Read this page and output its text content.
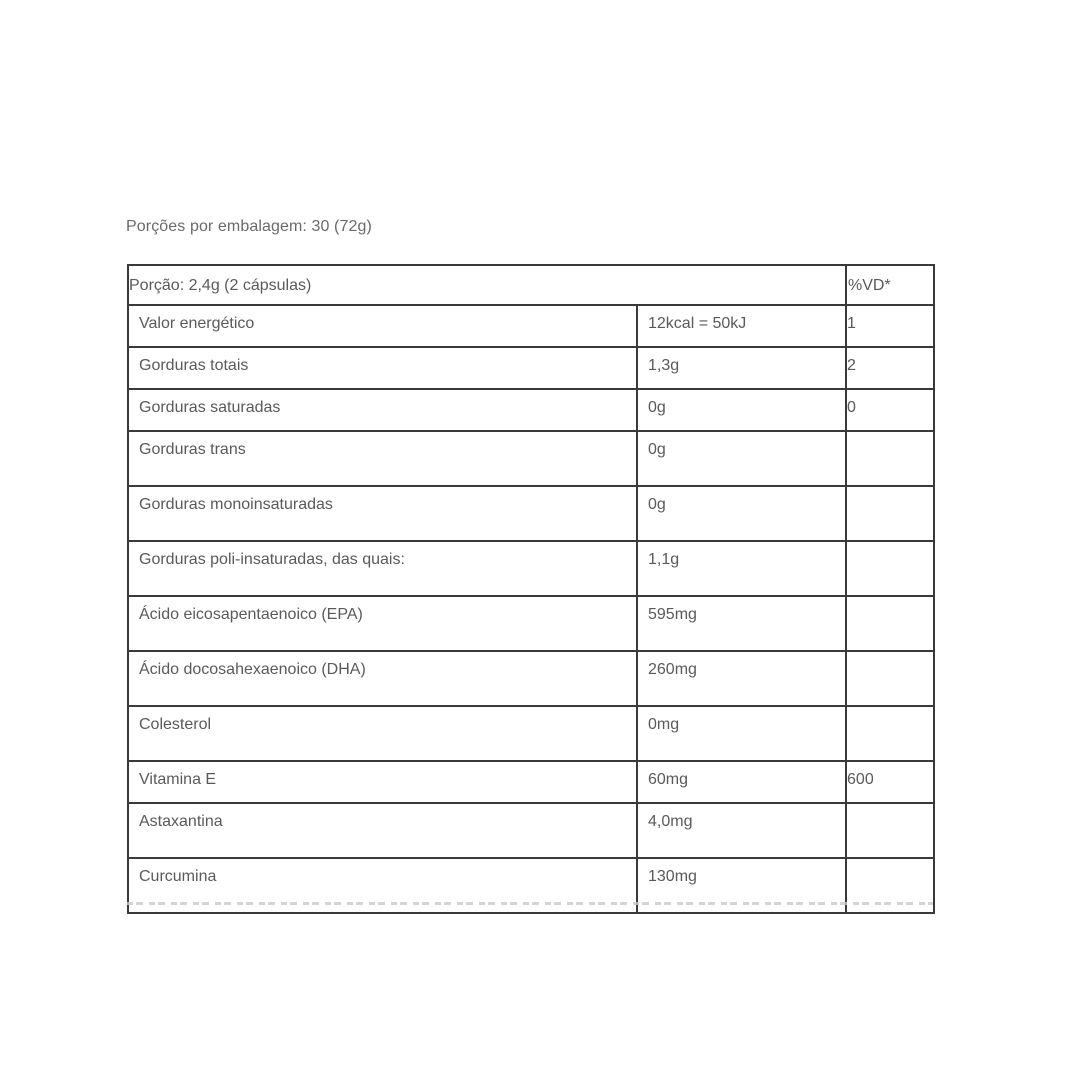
Porções por embalagem: 30 (72g)
Porção: 2,4g (2 cápsulas)		%VD*
Valor energético	12kcal = 50kJ	1
Gorduras totais	1,3g	2
Gorduras saturadas	0g	0
Gorduras trans	0g	
Gorduras monoinsaturadas	0g	
Gorduras poli-insaturadas, das quais:	1,1g	
Ácido eicosapentaenoico (EPA)	595mg	
Ácido docosahexaenoico (DHA)	260mg	
Colesterol	0mg	
Vitamina E	60mg	600
Astaxantina	4,0mg	
Curcumina	130mg	
